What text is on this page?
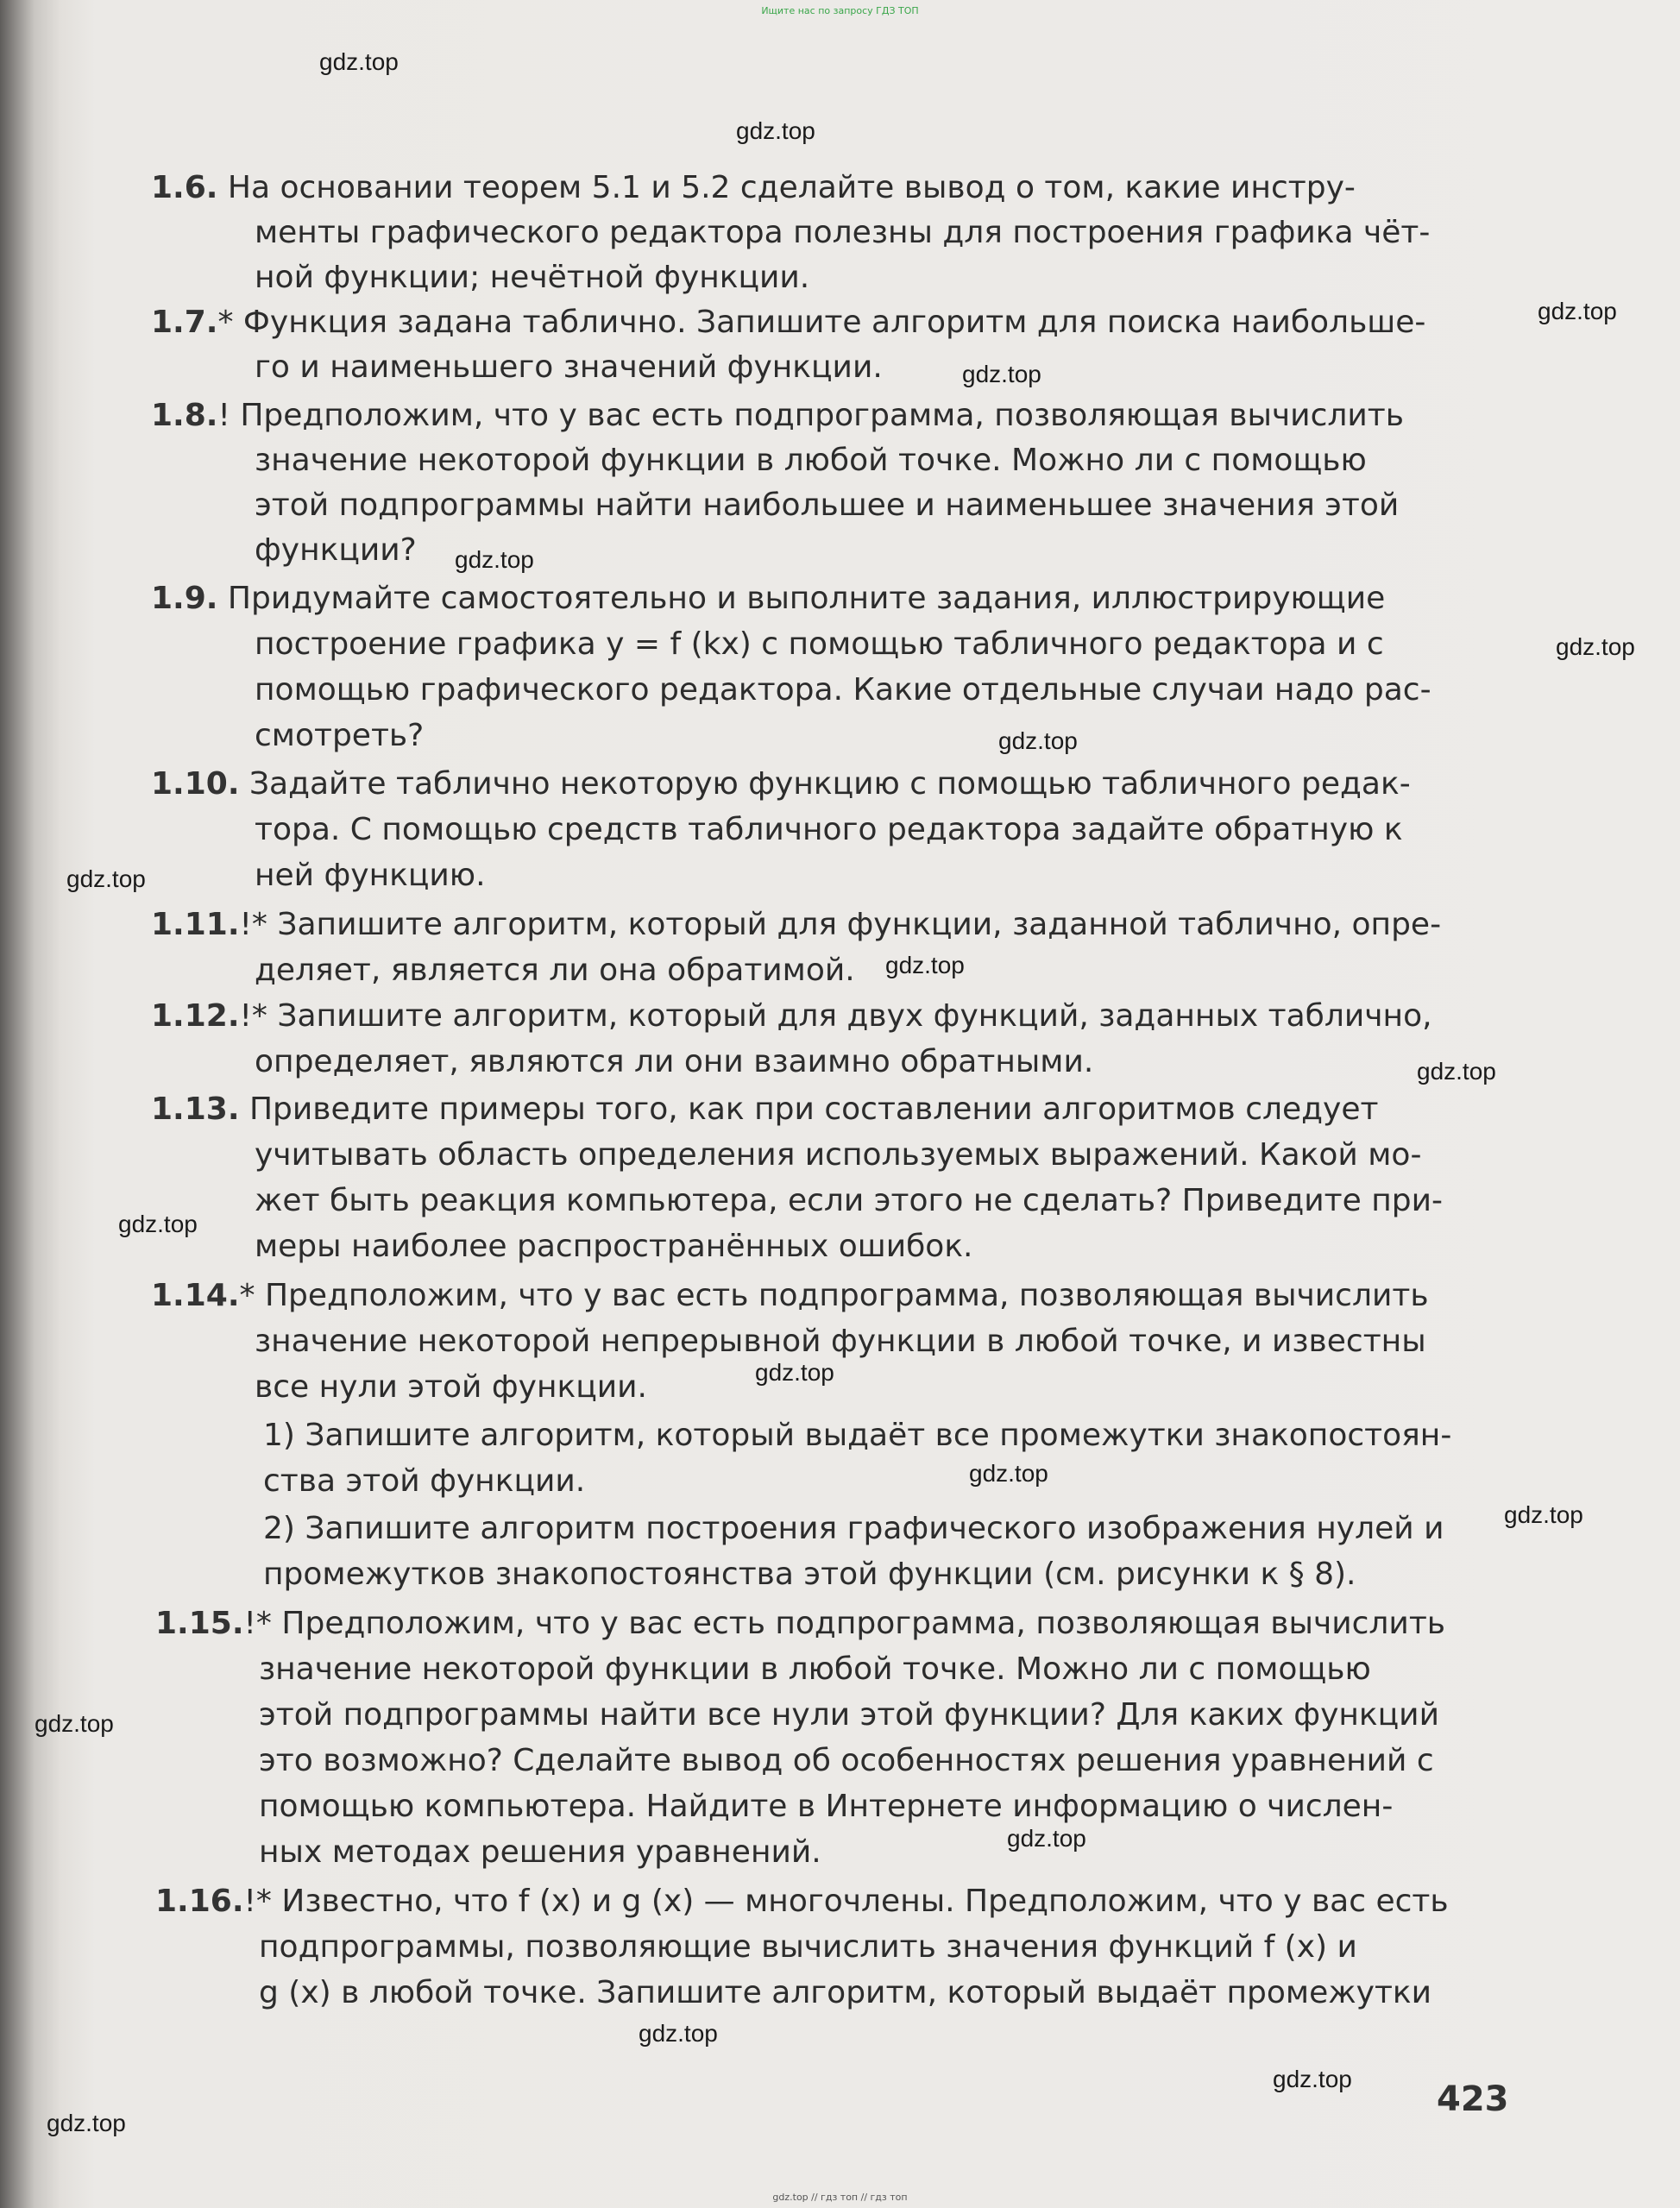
Ищите нас по запросу ГДЗ ТОП
gdz.top
gdz.top
gdz.top
gdz.top
gdz.top
gdz.top
gdz.top
gdz.top
gdz.top
gdz.top
gdz.top
gdz.top
gdz.top
gdz.top
gdz.top
gdz.top
gdz.top
gdz.top
gdz.top
1.6. На основании теорем 5.1 и 5.2 сделайте вывод о том, какие инстру-
менты графического редактора полезны для построения графика чёт-
ной функции; нечётной функции.
1.7.* Функция задана таблично. Запишите алгоритм для поиска наибольше-
го и наименьшего значений функции.
1.8.! Предположим, что у вас есть подпрограмма, позволяющая вычислить
значение некоторой функции в любой точке. Можно ли с помощью
этой подпрограммы найти наибольшее и наименьшее значения этой
функции?
1.9. Придумайте самостоятельно и выполните задания, иллюстрирующие
построение графика y = f (kx) с помощью табличного редактора и с
помощью графического редактора. Какие отдельные случаи надо рас-
смотреть?
1.10. Задайте таблично некоторую функцию с помощью табличного редак-
тора. С помощью средств табличного редактора задайте обратную к
ней функцию.
1.11.!* Запишите алгоритм, который для функции, заданной таблично, опре-
деляет, является ли она обратимой.
1.12.!* Запишите алгоритм, который для двух функций, заданных таблично,
определяет, являются ли они взаимно обратными.
1.13. Приведите примеры того, как при составлении алгоритмов следует
учитывать область определения используемых выражений. Какой мо-
жет быть реакция компьютера, если этого не сделать? Приведите при-
меры наиболее распространённых ошибок.
1.14.* Предположим, что у вас есть подпрограмма, позволяющая вычислить
значение некоторой непрерывной функции в любой точке, и известны
все нули этой функции.
1) Запишите алгоритм, который выдаёт все промежутки знакопостоян-
ства этой функции.
2) Запишите алгоритм построения графического изображения нулей и
промежутков знакопостоянства этой функции (см. рисунки к § 8).
1.15.!* Предположим, что у вас есть подпрограмма, позволяющая вычислить
значение некоторой функции в любой точке. Можно ли с помощью
этой подпрограммы найти все нули этой функции? Для каких функций
это возможно? Сделайте вывод об особенностях решения уравнений с
помощью компьютера. Найдите в Интернете информацию о числен-
ных методах решения уравнений.
1.16.!* Известно, что f (x) и g (x) — многочлены. Предположим, что у вас есть
подпрограммы, позволяющие вычислить значения функций f (x) и
g (x) в любой точке. Запишите алгоритм, который выдаёт промежутки
423
gdz.top // гдз топ // гдз топ
